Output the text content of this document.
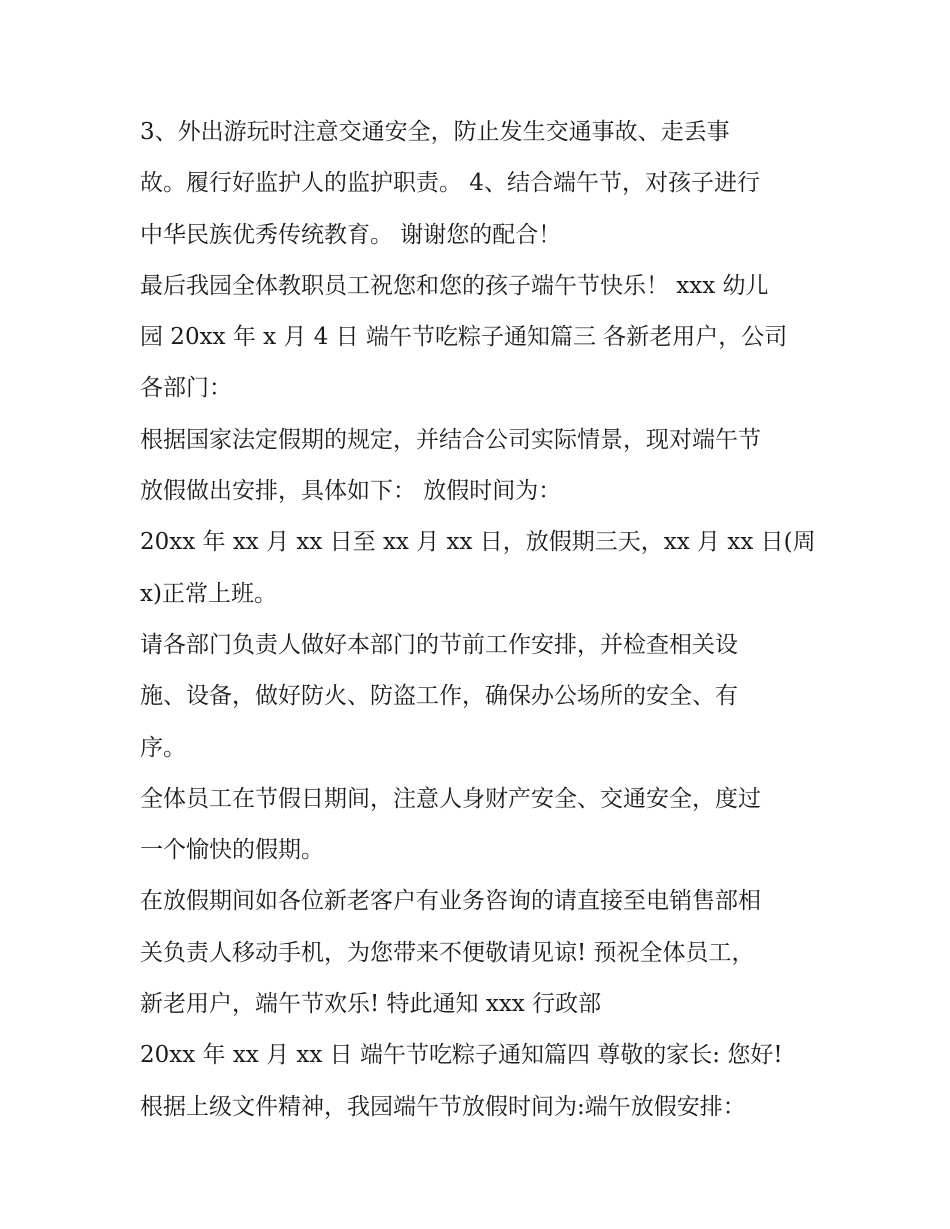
3、外出游玩时注意交通安全，防止发生交通事故、走丢事
故。履行好监护人的监护职责。 4、结合端午节，对孩子进行
中华民族优秀传统教育。 谢谢您的配合！

最后我园全体教职员工祝您和您的孩子端午节快乐！ xxx 幼儿
园 20xx 年 x 月 4 日 端午节吃粽子通知篇三 各新老用户，公司
各部门：

根据国家法定假期的规定，并结合公司实际情景，现对端午节
放假做出安排，具体如下： 放假时间为：

20xx 年 xx 月 xx 日至 xx 月 xx 日，放假期三天，xx 月 xx 日(周
x)正常上班。

请各部门负责人做好本部门的节前工作安排，并检查相关设
施、设备，做好防火、防盗工作，确保办公场所的安全、有
序。

全体员工在节假日期间，注意人身财产安全、交通安全，度过
一个愉快的假期。

在放假期间如各位新老客户有业务咨询的请直接至电销售部相
关负责人移动手机，为您带来不便敬请见谅! 预祝全体员工，
新老用户，端午节欢乐! 特此通知 xxx 行政部

20xx 年 xx 月 xx 日 端午节吃粽子通知篇四 尊敬的家长: 您好!

根据上级文件精神，我园端午节放假时间为:端午放假安排：
